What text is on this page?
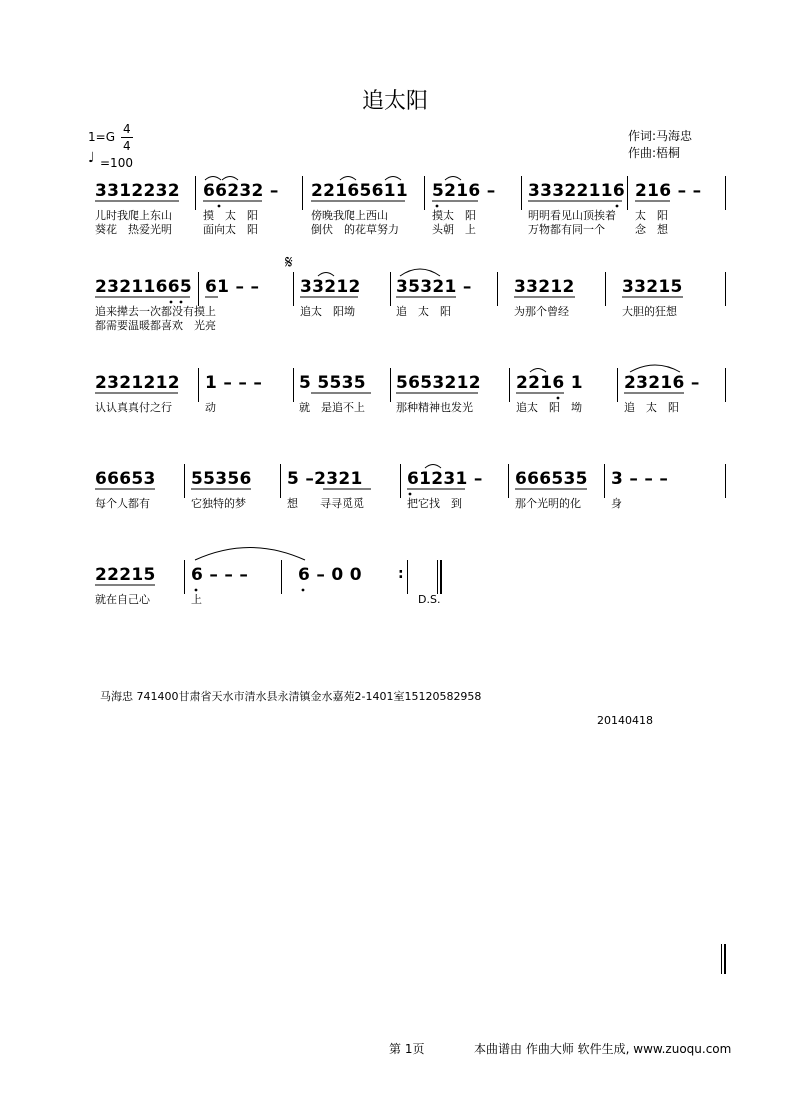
追太阳
1=G
4
4
♩ =100
作词:马海忠
作曲:梧桐
3312232 66232 – 22165611 5216 – 33322116 216 – –
儿时我爬上东山	摸　太　阳	傍晚我爬上西山	摸太　阳	明明看见山顶挨着 太　阳
葵花　热爱光明	面向太　阳	倒伏　的花草努力	头朝　上	万物都有同一个	念　想
𝄋
23211665 61 – – 33212 35321 – 33212	33215
追来撵去一次都没有摸上	追太　阳坳	追　太　阳	为那个曾经	大胆的狂想
都需要温暖都喜欢　光亮
2321212 1 – – – 5 5535 5653212 2216 1 23216 –
认认真真付之行	动	就　是追不上	那种精神也发光	追太　阳　坳	追　太　阳
66653 55356 5 –2321	61231 – 666535 3 – – –
每个人都有	它独特的梦	想　　寻寻觅觅	把它找　到	那个光明的化	身
:
22215 6 – – –	6 – 0 0
就在自己心	上	D.S.
马海忠 741400甘肃省天水市清水县永清镇金水嘉苑2-1401室15120582958
20140418
第 1页	本曲谱由 作曲大师 软件生成, www.zuoqu.com
